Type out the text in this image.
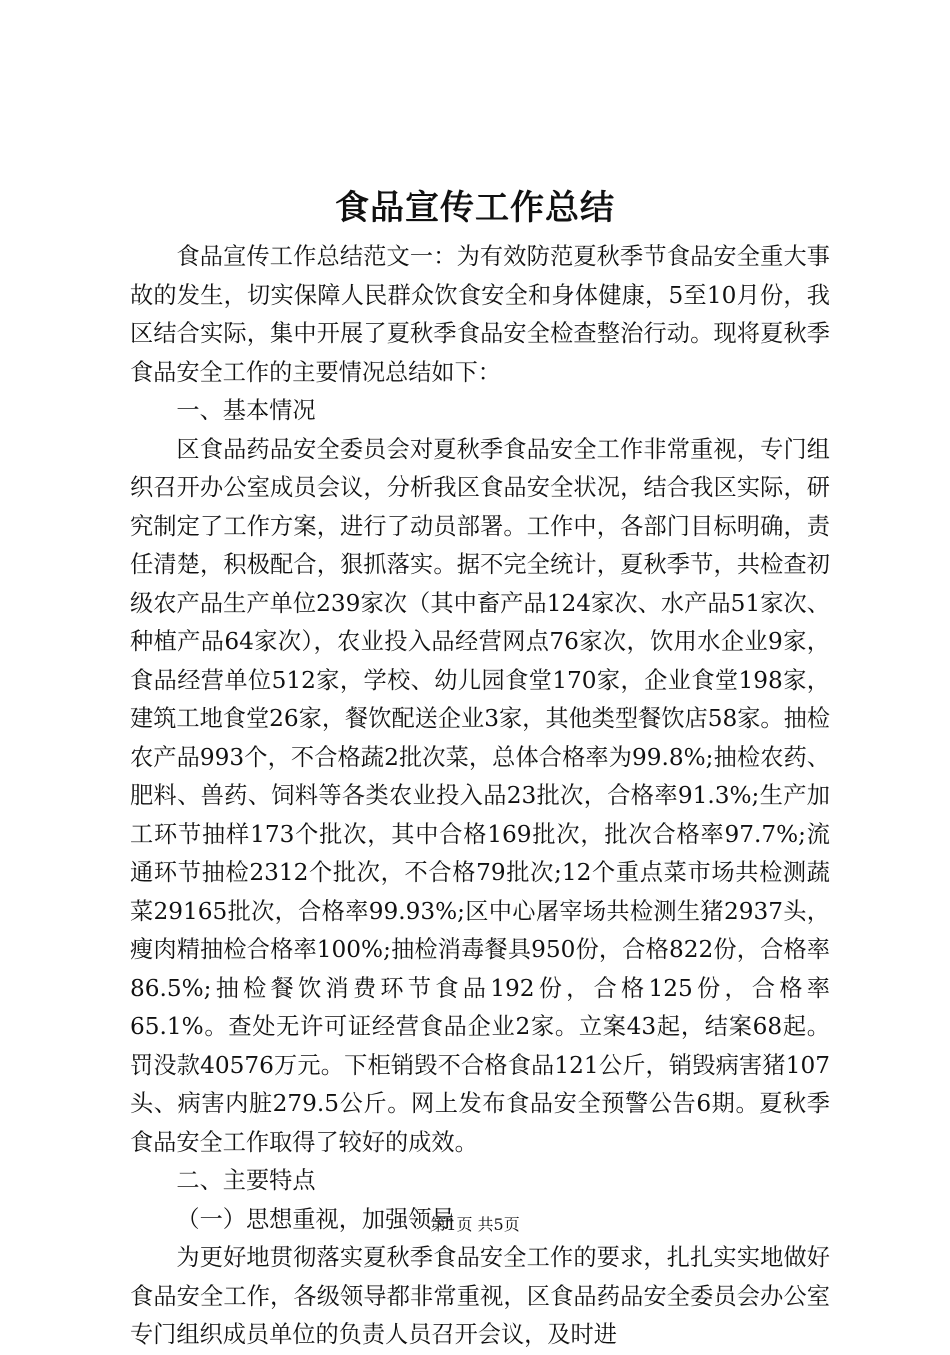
食品宣传工作总结

食品宣传工作总结范文一：为有效防范夏秋季节食品安全重大事故的发生，切实保障人民群众饮食安全和身体健康，5至10月份，我区结合实际，集中开展了夏秋季食品安全检查整治行动。现将夏秋季食品安全工作的主要情况总结如下：

一、基本情况

区食品药品安全委员会对夏秋季食品安全工作非常重视，专门组织召开办公室成员会议，分析我区食品安全状况，结合我区实际，研究制定了工作方案，进行了动员部署。工作中，各部门目标明确，责任清楚，积极配合，狠抓落实。据不完全统计，夏秋季节，共检查初级农产品生产单位239家次（其中畜产品124家次、水产品51家次、种植产品64家次），农业投入品经营网点76家次，饮用水企业9家，食品经营单位512家，学校、幼儿园食堂170家，企业食堂198家，建筑工地食堂26家，餐饮配送企业3家，其他类型餐饮店58家。抽检农产品993个，不合格蔬2批次菜，总体合格率为99.8%;抽检农药、肥料、兽药、饲料等各类农业投入品23批次，合格率91.3%;生产加工环节抽样173个批次，其中合格169批次，批次合格率97.7%;流通环节抽检2312个批次，不合格79批次;12个重点菜市场共检测蔬菜29165批次，合格率99.93%;区中心屠宰场共检测生猪2937头，瘦肉精抽检合格率100%;抽检消毒餐具950份，合格822份，合格率86.5%;抽检餐饮消费环节食品192份，合格125份，合格率65.1%。查处无许可证经营食品企业2家。立案43起，结案68起。罚没款40576万元。下柜销毁不合格食品121公斤，销毁病害猪107头、病害内脏279.5公斤。网上发布食品安全预警公告6期。夏秋季食品安全工作取得了较好的成效。

二、主要特点

（一）思想重视，加强领导

为更好地贯彻落实夏秋季食品安全工作的要求，扎扎实实地做好食品安全工作，各级领导都非常重视，区食品药品安全委员会办公室专门组织成员单位的负责人员召开会议，及时进

第1页 共5页
